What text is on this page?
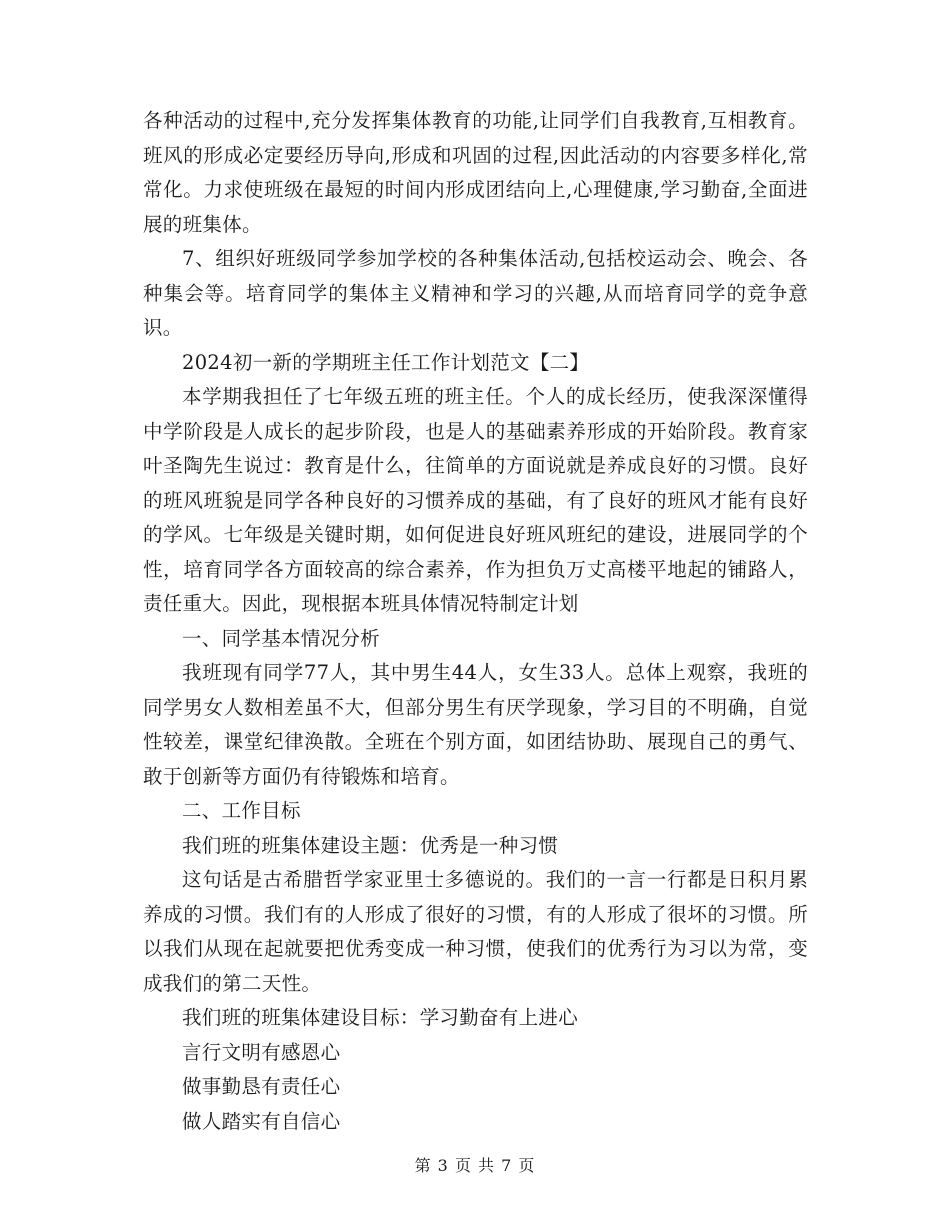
各种活动的过程中,充分发挥集体教育的功能,让同学们自我教育,互相教育。班风的形成必定要经历导向,形成和巩固的过程,因此活动的内容要多样化,常常化。力求使班级在最短的时间内形成团结向上,心理健康,学习勤奋,全面进展的班集体。

7、组织好班级同学参加学校的各种集体活动,包括校运动会、晚会、各种集会等。培育同学的集体主义精神和学习的兴趣,从而培育同学的竞争意识。

2024初一新的学期班主任工作计划范文【二】

本学期我担任了七年级五班的班主任。个人的成长经历，使我深深懂得中学阶段是人成长的起步阶段，也是人的基础素养形成的开始阶段。教育家叶圣陶先生说过：教育是什么，往简单的方面说就是养成良好的习惯。良好的班风班貌是同学各种良好的习惯养成的基础，有了良好的班风才能有良好的学风。七年级是关键时期，如何促进良好班风班纪的建设，进展同学的个性，培育同学各方面较高的综合素养，作为担负万丈高楼平地起的铺路人，责任重大。因此，现根据本班具体情况特制定计划

一、同学基本情况分析

我班现有同学77人，其中男生44人，女生33人。总体上观察，我班的同学男女人数相差虽不大，但部分男生有厌学现象，学习目的不明确，自觉性较差，课堂纪律涣散。全班在个别方面，如团结协助、展现自己的勇气、敢于创新等方面仍有待锻炼和培育。

二、工作目标

我们班的班集体建设主题：优秀是一种习惯

这句话是古希腊哲学家亚里士多德说的。我们的一言一行都是日积月累养成的习惯。我们有的人形成了很好的习惯，有的人形成了很坏的习惯。所以我们从现在起就要把优秀变成一种习惯，使我们的优秀行为习以为常，变成我们的第二天性。

我们班的班集体建设目标：学习勤奋有上进心

言行文明有感恩心

做事勤恳有责任心

做人踏实有自信心

第 3 页 共 7 页
